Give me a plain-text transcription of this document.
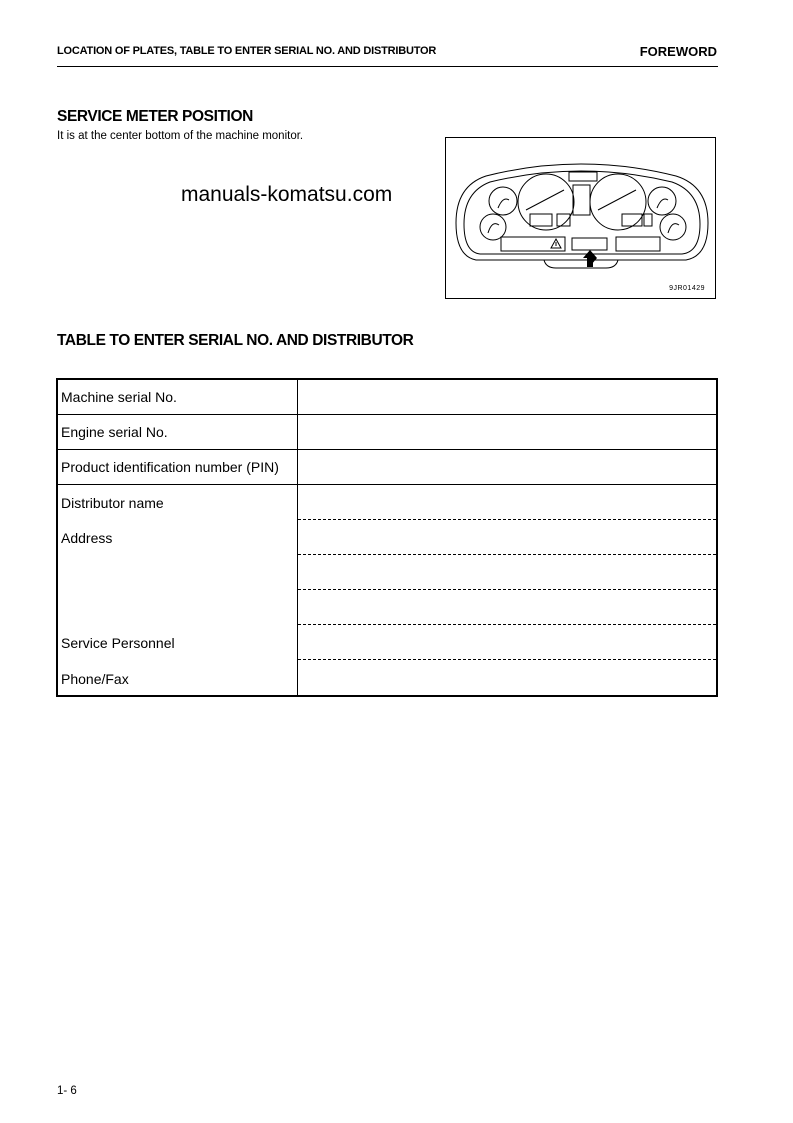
LOCATION OF PLATES, TABLE TO ENTER SERIAL NO. AND DISTRIBUTOR	FOREWORD
SERVICE METER POSITION
It is at the center bottom of the machine monitor.
manuals-komatsu.com
9JR01429
TABLE TO ENTER SERIAL NO. AND DISTRIBUTOR
Machine serial No.	
Engine serial No.	
Product identification number (PIN)	

Distributor name
Address
Service Personnel
Phone/Fax	

1- 6
